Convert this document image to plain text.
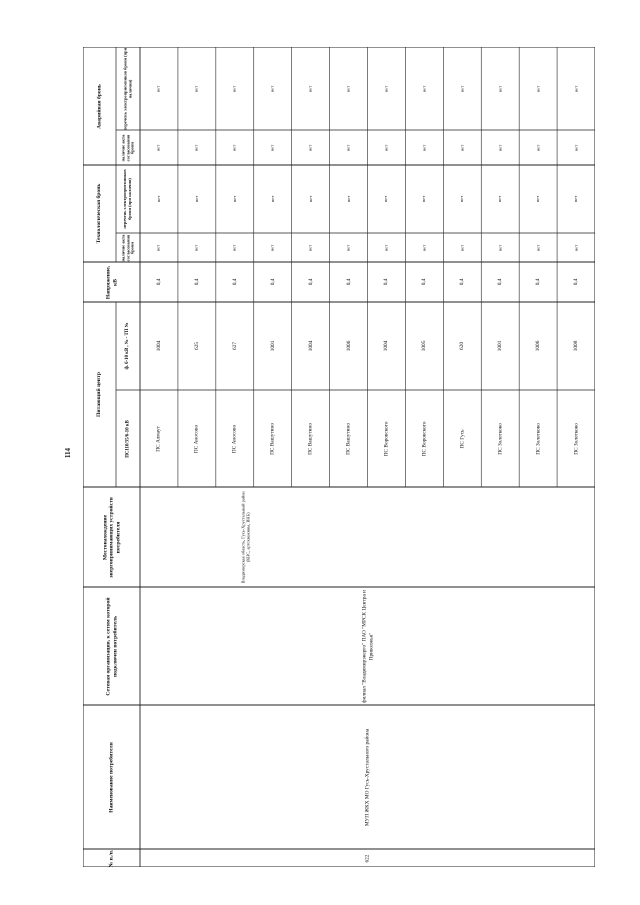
114
Местонахождение энергопринимающих устройств потребителя
Сетевая организация, к сетям которой подключен потребитель
Наименование потребителя
№ п./п.
Напряжение, кВ
Аварийная бронь
Технологическая бронь
Питающий центр
перечень электроприемников брони (при наличии)
наличие акта согласования брони
перечень электроприемников брони (при наличии)
наличие акта согласования брони
ф. 6-10 кВ , № - ТП №
ПС110/35/6-10 кВ
филиал "Владимирэнерго" ПАО "МРСК Центра и Приволжья"
МУП ЖКХ МО Гусь-Хрустального района
622
Владимирская область, Гусь-Хрустальный район (КНС, артскважины, ВНБ)
нет
нет
нет
нет
0,4
1004
ПС Алмаут
нет
нет
нет
нет
0,4
625
ПС Аносово
нет
нет
нет
нет
0,4
627
ПС Аносово
нет
нет
нет
нет
0,4
1001
ПС Вашутино
нет
нет
нет
нет
0,4
1004
ПС Вашутино
нет
нет
нет
нет
0,4
1006
ПС Вашутино
нет
нет
нет
нет
0,4
1004
ПС Воровского
нет
нет
нет
нет
0,4
1005
ПС Воровского
нет
нет
нет
нет
0,4
620
ПС Гусь
нет
нет
нет
нет
0,4
1001
ПС Золотково
нет
нет
нет
нет
0,4
1006
ПС Золотково
нет
нет
нет
нет
0,4
1008
ПС Золотково
